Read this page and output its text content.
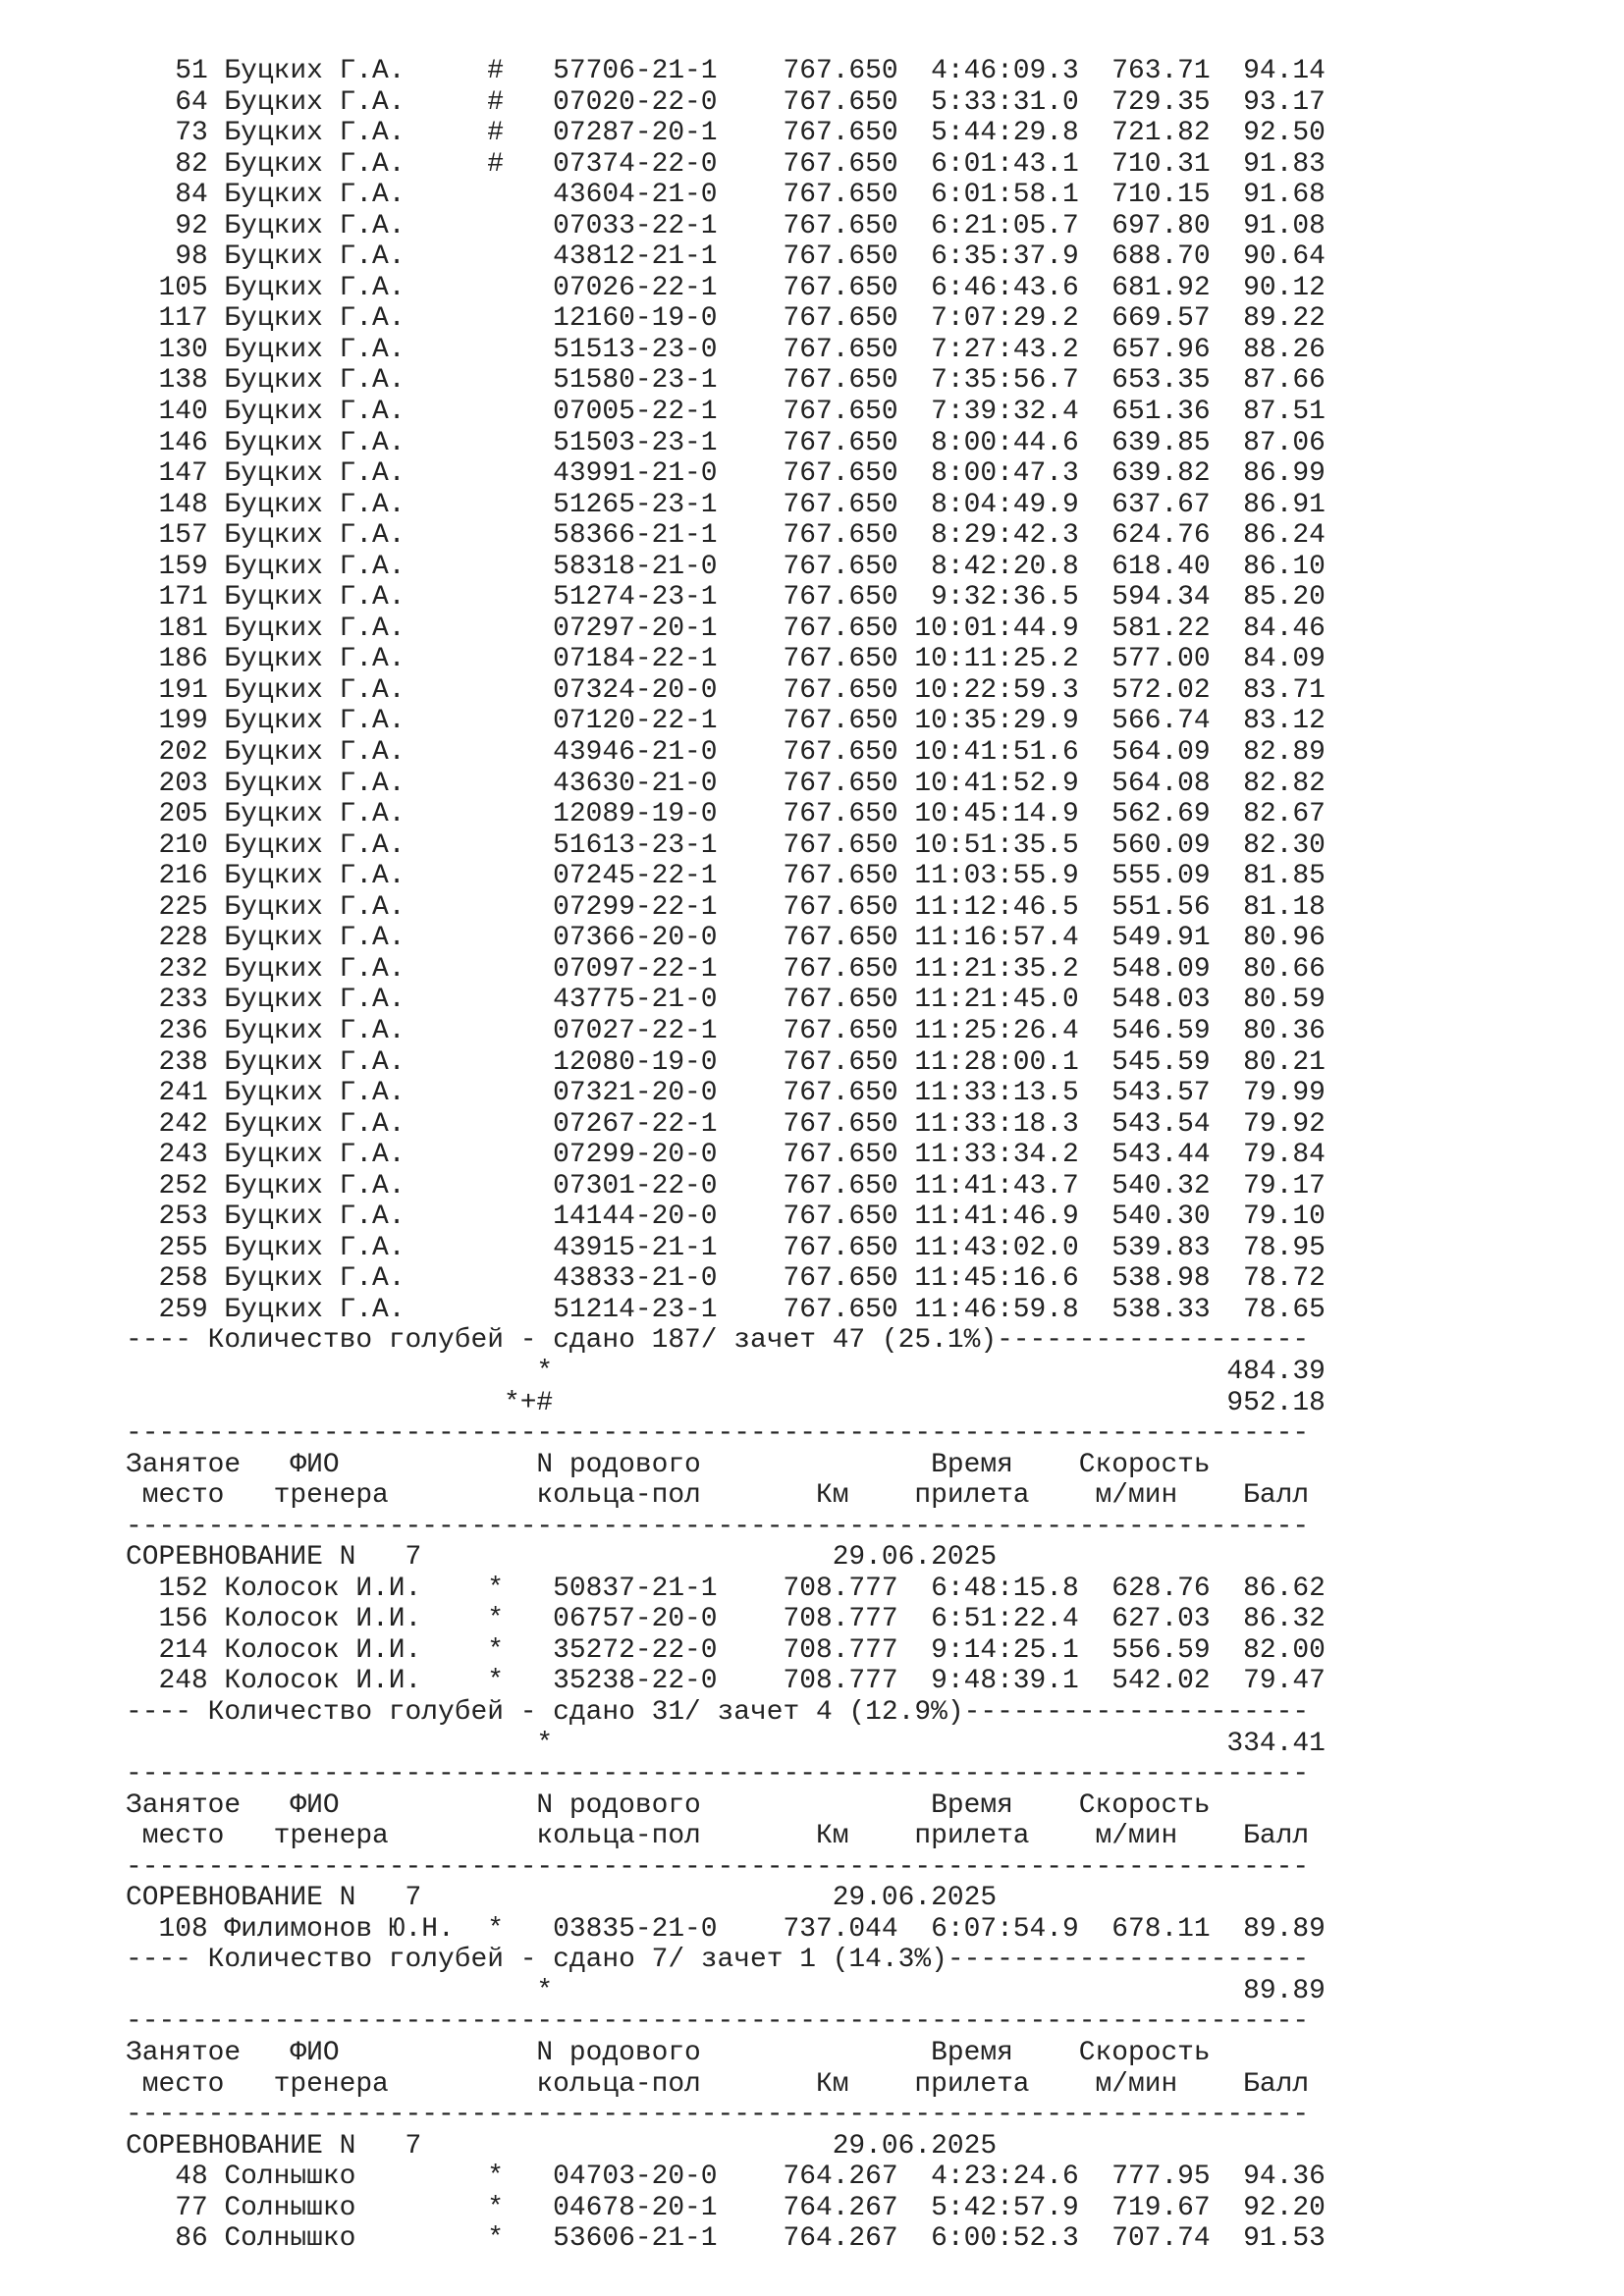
51 Буцких Г.А.     #   57706-21-1    767.650  4:46:09.3  763.71  94.14
64 Буцких Г.А.     #   07020-22-0    767.650  5:33:31.0  729.35  93.17
73 Буцких Г.А.     #   07287-20-1    767.650  5:44:29.8  721.82  92.50
82 Буцких Г.А.     #   07374-22-0    767.650  6:01:43.1  710.31  91.83
84 Буцких Г.А.         43604-21-0    767.650  6:01:58.1  710.15  91.68
92 Буцких Г.А.         07033-22-1    767.650  6:21:05.7  697.80  91.08
98 Буцких Г.А.         43812-21-1    767.650  6:35:37.9  688.70  90.64
105 Буцких Г.А.         07026-22-1    767.650  6:46:43.6  681.92  90.12
117 Буцких Г.А.         12160-19-0    767.650  7:07:29.2  669.57  89.22
130 Буцких Г.А.         51513-23-0    767.650  7:27:43.2  657.96  88.26
138 Буцких Г.А.         51580-23-1    767.650  7:35:56.7  653.35  87.66
140 Буцких Г.А.         07005-22-1    767.650  7:39:32.4  651.36  87.51
146 Буцких Г.А.         51503-23-1    767.650  8:00:44.6  639.85  87.06
147 Буцких Г.А.         43991-21-0    767.650  8:00:47.3  639.82  86.99
148 Буцких Г.А.         51265-23-1    767.650  8:04:49.9  637.67  86.91
157 Буцких Г.А.         58366-21-1    767.650  8:29:42.3  624.76  86.24
159 Буцких Г.А.         58318-21-0    767.650  8:42:20.8  618.40  86.10
171 Буцких Г.А.         51274-23-1    767.650  9:32:36.5  594.34  85.20
181 Буцких Г.А.         07297-20-1    767.650 10:01:44.9  581.22  84.46
186 Буцких Г.А.         07184-22-1    767.650 10:11:25.2  577.00  84.09
191 Буцких Г.А.         07324-20-0    767.650 10:22:59.3  572.02  83.71
199 Буцких Г.А.         07120-22-1    767.650 10:35:29.9  566.74  83.12
202 Буцких Г.А.         43946-21-0    767.650 10:41:51.6  564.09  82.89
203 Буцких Г.А.         43630-21-0    767.650 10:41:52.9  564.08  82.82
205 Буцких Г.А.         12089-19-0    767.650 10:45:14.9  562.69  82.67
210 Буцких Г.А.         51613-23-1    767.650 10:51:35.5  560.09  82.30
216 Буцких Г.А.         07245-22-1    767.650 11:03:55.9  555.09  81.85
225 Буцких Г.А.         07299-22-1    767.650 11:12:46.5  551.56  81.18
228 Буцких Г.А.         07366-20-0    767.650 11:16:57.4  549.91  80.96
232 Буцких Г.А.         07097-22-1    767.650 11:21:35.2  548.09  80.66
233 Буцких Г.А.         43775-21-0    767.650 11:21:45.0  548.03  80.59
236 Буцких Г.А.         07027-22-1    767.650 11:25:26.4  546.59  80.36
238 Буцких Г.А.         12080-19-0    767.650 11:28:00.1  545.59  80.21
241 Буцких Г.А.         07321-20-0    767.650 11:33:13.5  543.57  79.99
242 Буцких Г.А.         07267-22-1    767.650 11:33:18.3  543.54  79.92
243 Буцких Г.А.         07299-20-0    767.650 11:33:34.2  543.44  79.84
252 Буцких Г.А.         07301-22-0    767.650 11:41:43.7  540.32  79.17
253 Буцких Г.А.         14144-20-0    767.650 11:41:46.9  540.30  79.10
255 Буцких Г.А.         43915-21-1    767.650 11:43:02.0  539.83  78.95
258 Буцких Г.А.         43833-21-0    767.650 11:45:16.6  538.98  78.72
259 Буцких Г.А.         51214-23-1    767.650 11:46:59.8  538.33  78.65
---- Количество голубей - сдано 187/ зачет 47 (25.1%)-------------------
*                                         484.39
*+#                                         952.18
------------------------------------------------------------------------
Занятое   ФИО            N родового              Время    Скорость
место   тренера         кольца-пол       Км    прилета    м/мин    Балл
------------------------------------------------------------------------
СОРЕВНОВАНИЕ N   7                         29.06.2025
152 Колосок И.И.    *   50837-21-1    708.777  6:48:15.8  628.76  86.62
156 Колосок И.И.    *   06757-20-0    708.777  6:51:22.4  627.03  86.32
214 Колосок И.И.    *   35272-22-0    708.777  9:14:25.1  556.59  82.00
248 Колосок И.И.    *   35238-22-0    708.777  9:48:39.1  542.02  79.47
---- Количество голубей - сдано 31/ зачет 4 (12.9%)---------------------
*                                         334.41
------------------------------------------------------------------------
Занятое   ФИО            N родового              Время    Скорость
место   тренера         кольца-пол       Км    прилета    м/мин    Балл
------------------------------------------------------------------------
СОРЕВНОВАНИЕ N   7                         29.06.2025
108 Филимонов Ю.Н.  *   03835-21-0    737.044  6:07:54.9  678.11  89.89
---- Количество голубей - сдано 7/ зачет 1 (14.3%)----------------------
*                                          89.89
------------------------------------------------------------------------
Занятое   ФИО            N родового              Время    Скорость
место   тренера         кольца-пол       Км    прилета    м/мин    Балл
------------------------------------------------------------------------
СОРЕВНОВАНИЕ N   7                         29.06.2025
48 Солнышко        *   04703-20-0    764.267  4:23:24.6  777.95  94.36
77 Солнышко        *   04678-20-1    764.267  5:42:57.9  719.67  92.20
86 Солнышко        *   53606-21-1    764.267  6:00:52.3  707.74  91.53
